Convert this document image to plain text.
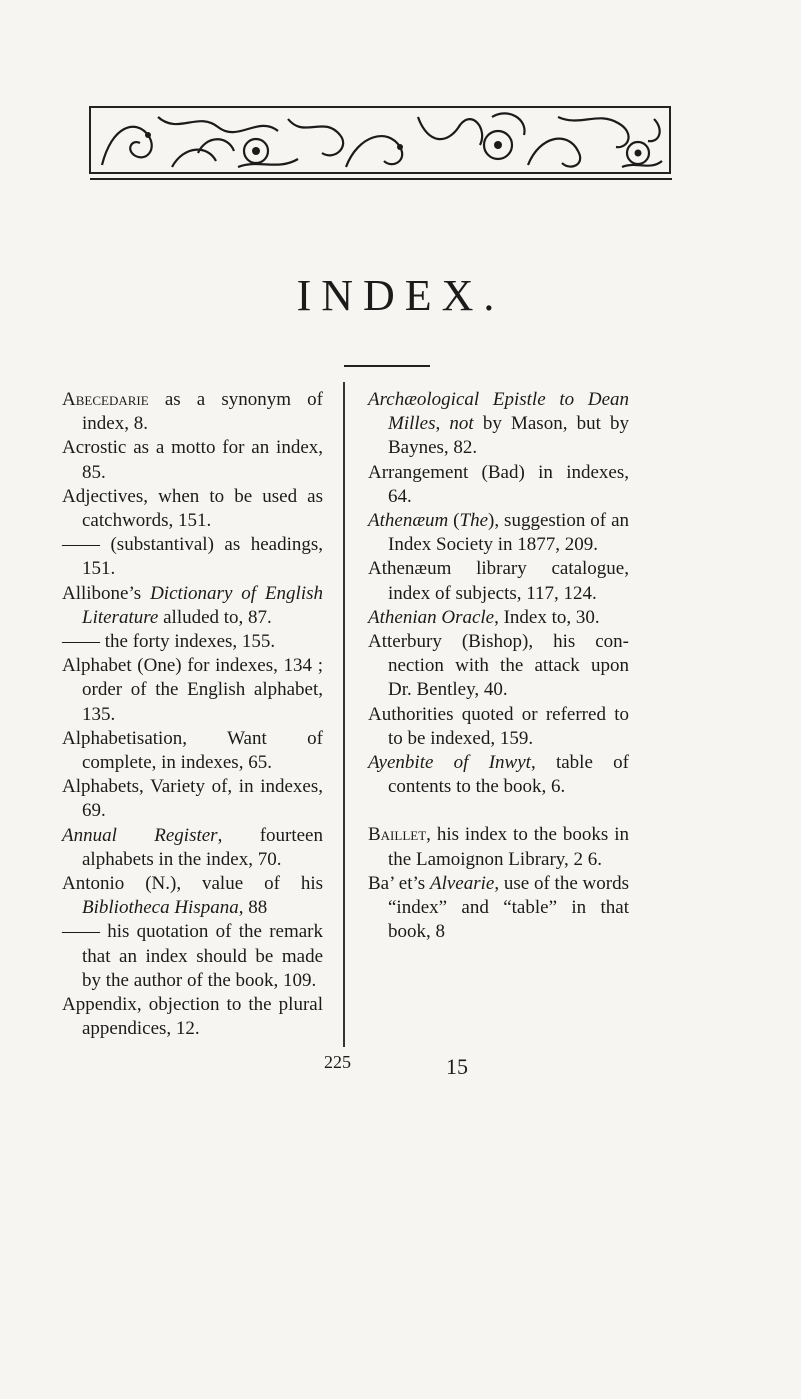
INDEX.

Abecedarie as a synonym of index, 8.

Acrostic as a motto for an index, 85.

Adjectives, when to be used as catchwords, 151.

—— (substantival) as headings, 151.

Allibone’s Dictionary of English Literature alluded to, 87.

—— the forty indexes, 155.

Alphabet (One) for indexes, 134 ; order of the English alphabet, 135.

Alphabetisation, Want of complete, in indexes, 65.

Alphabets, Variety of, in indexes, 69.

Annual Register, fourteen alphabets in the index, 70.

Antonio (N.), value of his Bibliotheca Hispana, 88

—— his quotation of the remark that an index should be made by the author of the book, 109.

Appendix, objection to the plural appendices, 12.

Archæological Epistle to Dean Milles, not by Mason, but by Baynes, 82.

Arrangement (Bad) in indexes, 64.

Athenæum (The), suggestion of an Index Society in 1877, 209.

Athenæum library catalogue, index of subjects, 117, 124.

Athenian Oracle, Index to, 30.

Atterbury (Bishop), his connection with the attack upon Dr. Bentley, 40.

Authorities quoted or referred to to be indexed, 159.

Ayenbite of Inwyt, table of contents to the book, 6.

Baillet, his index to the books in the Lamoignon Library, 2 6.

Ba’ et’s Alvearie, use of the words “index” and “table” in that book, 8

225	15
